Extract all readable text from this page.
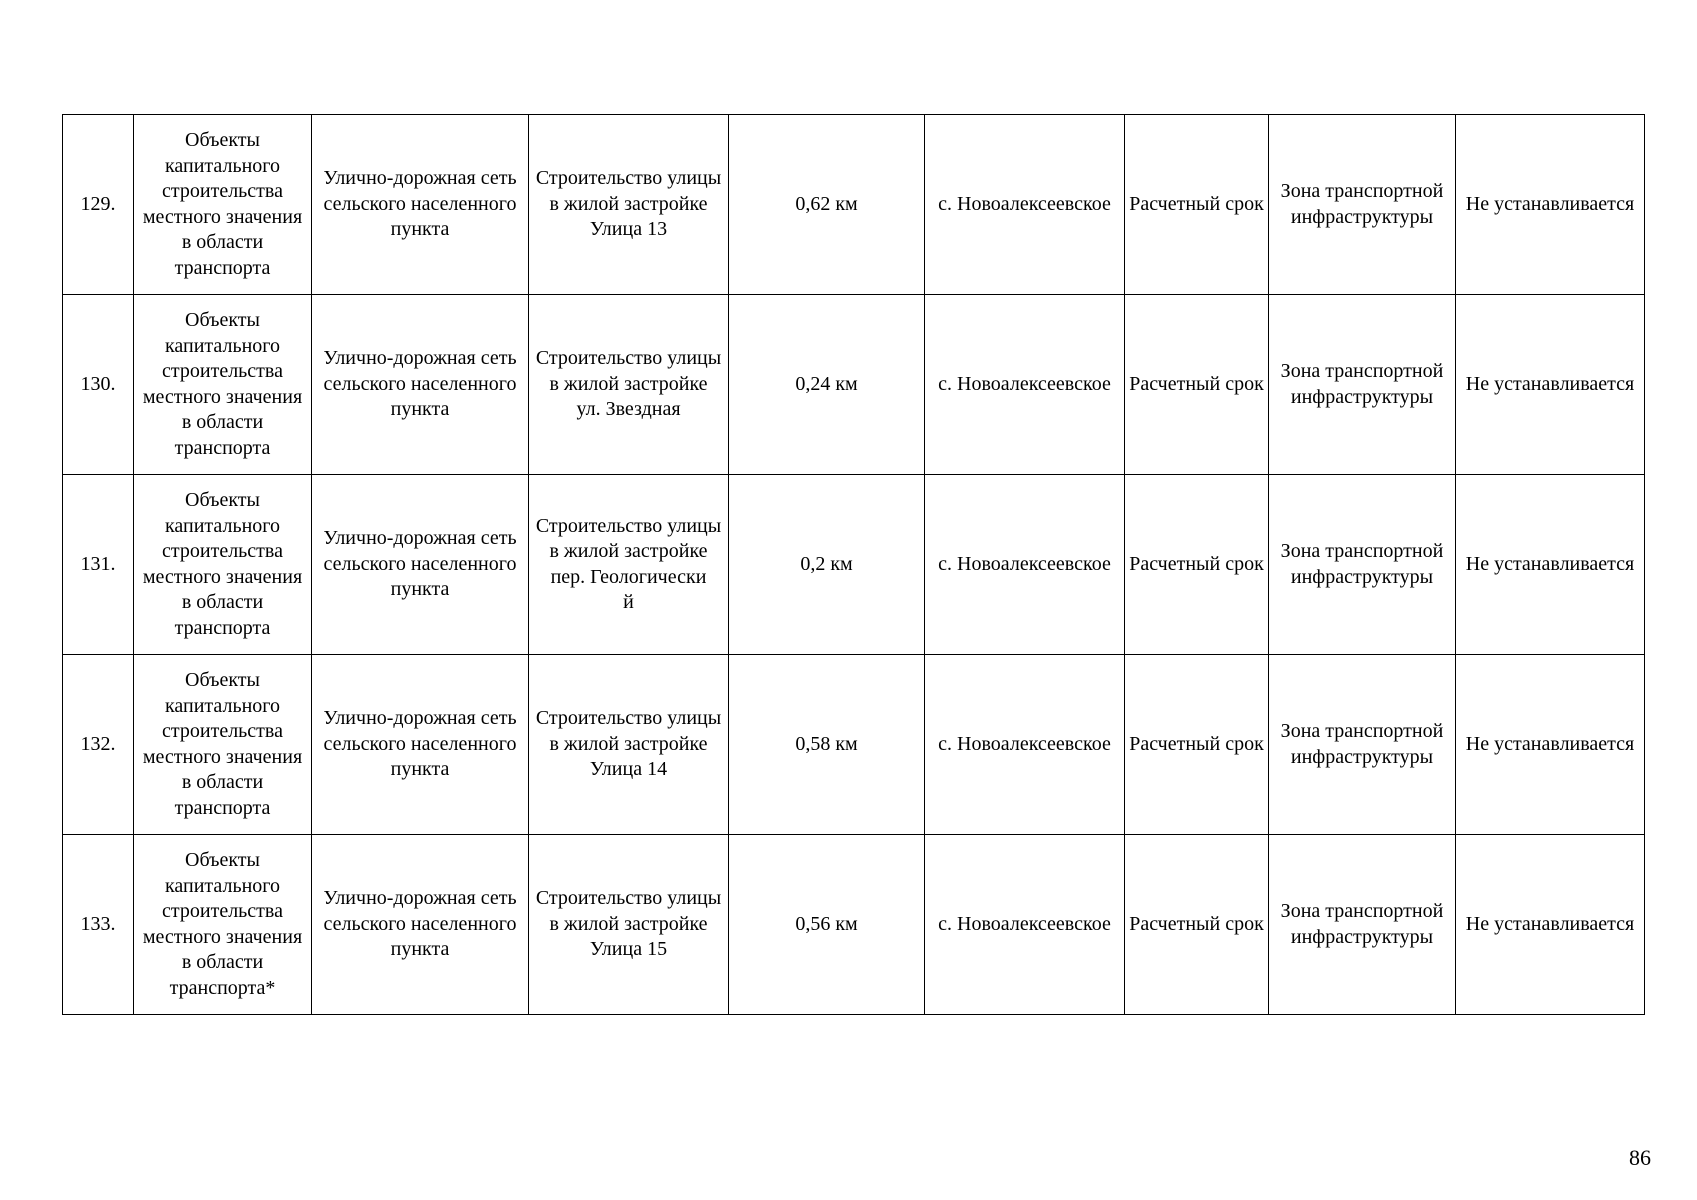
129.	Объекты капитального строительства местного значения в области транспорта	Улично-дорожная сеть сельского населенного пункта	Строительство улицы в жилой застройке
Улица 13	0,62 км	с. Новоалексеевское	Расчетный срок	Зона транспортной инфраструктуры	Не устанавливается
130.	Объекты капитального строительства местного значения в области транспорта	Улично-дорожная сеть сельского населенного пункта	Строительство улицы в жилой застройке
ул. Звездная	0,24 км	с. Новоалексеевское	Расчетный срок	Зона транспортной инфраструктуры	Не устанавливается
131.	Объекты капитального строительства местного значения в области транспорта	Улично-дорожная сеть сельского населенного пункта	Строительство улицы в жилой застройке
пер. Геологически
й	0,2 км	с. Новоалексеевское	Расчетный срок	Зона транспортной инфраструктуры	Не устанавливается
132.	Объекты капитального строительства местного значения в области транспорта	Улично-дорожная сеть сельского населенного пункта	Строительство улицы в жилой застройке
Улица 14	0,58 км	с. Новоалексеевское	Расчетный срок	Зона транспортной инфраструктуры	Не устанавливается
133.	Объекты капитального строительства местного значения в области транспорта*	Улично-дорожная сеть сельского населенного пункта	Строительство улицы в жилой застройке
Улица 15	0,56 км	с. Новоалексеевское	Расчетный срок	Зона транспортной инфраструктуры	Не устанавливается
86
